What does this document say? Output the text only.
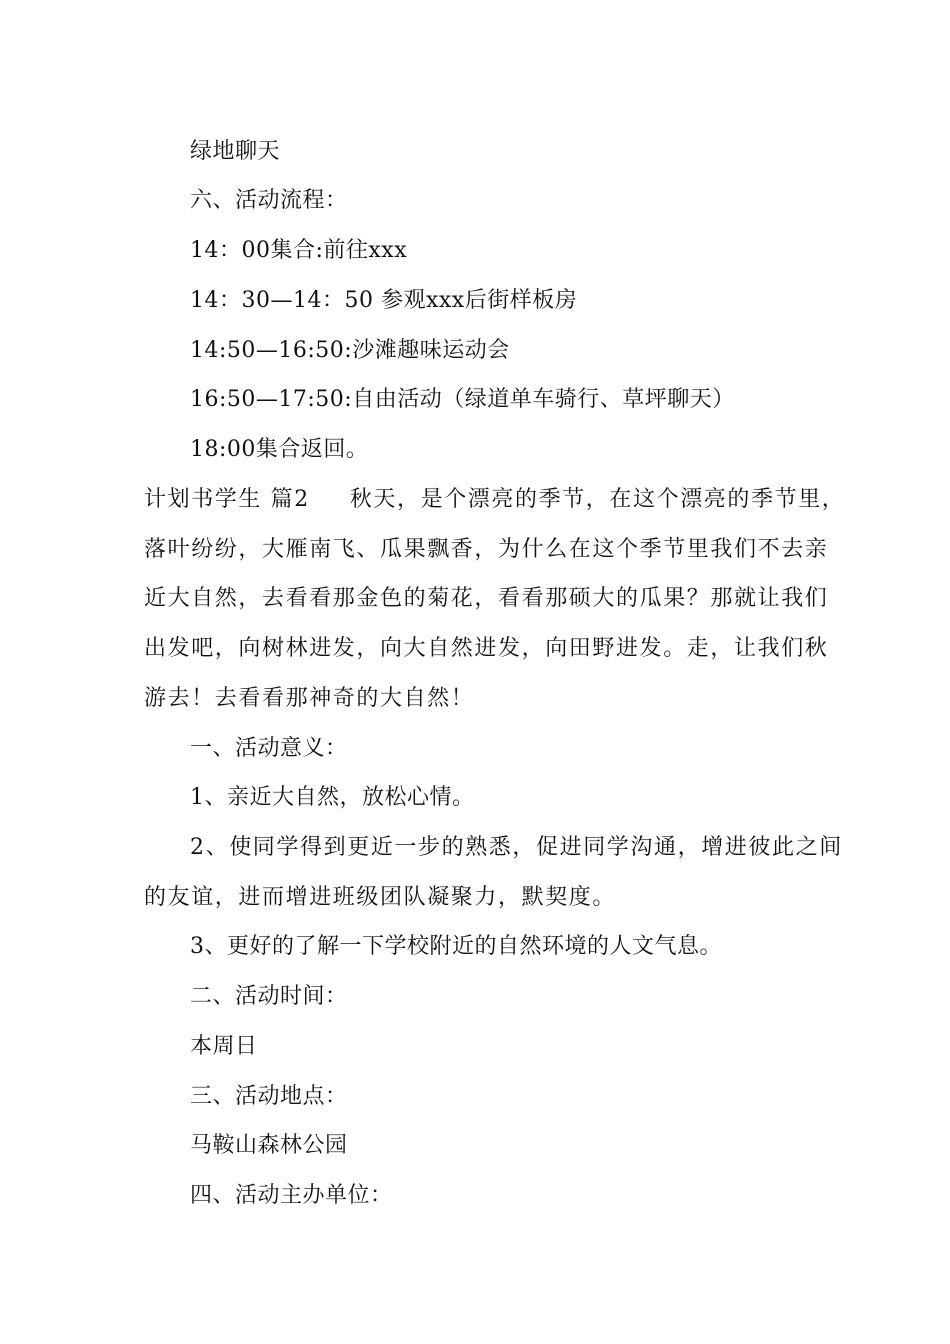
绿地聊天
六、活动流程：
14：00集合:前往xxx
14：30—14：50 参观xxx后街样板房
14:50—16:50:沙滩趣味运动会
16:50—17:50:自由活动（绿道单车骑行、草坪聊天）
18:00集合返回。
计划书学生 篇2 秋天，是个漂亮的季节，在这个漂亮的季节里，
落叶纷纷，大雁南飞、瓜果飘香，为什么在这个季节里我们不去亲
近大自然，去看看那金色的菊花，看看那硕大的瓜果？那就让我们
出发吧，向树林进发，向大自然进发，向田野进发。走，让我们秋
游去！去看看那神奇的大自然！
一、活动意义：
1、亲近大自然，放松心情。
2、使同学得到更近一步的熟悉，促进同学沟通，增进彼此之间
的友谊，进而增进班级团队凝聚力，默契度。
3、更好的了解一下学校附近的自然环境的人文气息。
二、活动时间：
本周日
三、活动地点：
马鞍山森林公园
四、活动主办单位：
